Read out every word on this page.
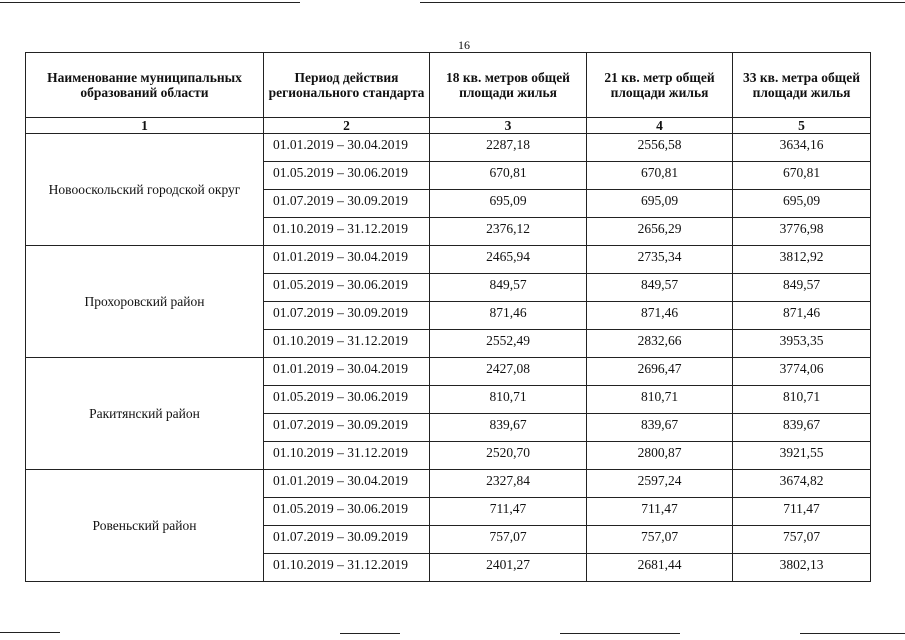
16
Наименование муниципальных образований области	Период действия регионального стандарта	18 кв. метров общей площади жилья	21 кв. метр общей площади жилья	33 кв. метра общей площади жилья
1	2	3	4	5
Новооскольский городской округ	01.01.2019 – 30.04.2019	2287,18	2556,58	3634,16
	01.05.2019 – 30.06.2019	670,81	670,81	670,81
	01.07.2019 – 30.09.2019	695,09	695,09	695,09
	01.10.2019 – 31.12.2019	2376,12	2656,29	3776,98
Прохоровский район	01.01.2019 – 30.04.2019	2465,94	2735,34	3812,92
	01.05.2019 – 30.06.2019	849,57	849,57	849,57
	01.07.2019 – 30.09.2019	871,46	871,46	871,46
	01.10.2019 – 31.12.2019	2552,49	2832,66	3953,35
Ракитянский район	01.01.2019 – 30.04.2019	2427,08	2696,47	3774,06
	01.05.2019 – 30.06.2019	810,71	810,71	810,71
	01.07.2019 – 30.09.2019	839,67	839,67	839,67
	01.10.2019 – 31.12.2019	2520,70	2800,87	3921,55
Ровеньский район	01.01.2019 – 30.04.2019	2327,84	2597,24	3674,82
	01.05.2019 – 30.06.2019	711,47	711,47	711,47
	01.07.2019 – 30.09.2019	757,07	757,07	757,07
	01.10.2019 – 31.12.2019	2401,27	2681,44	3802,13
